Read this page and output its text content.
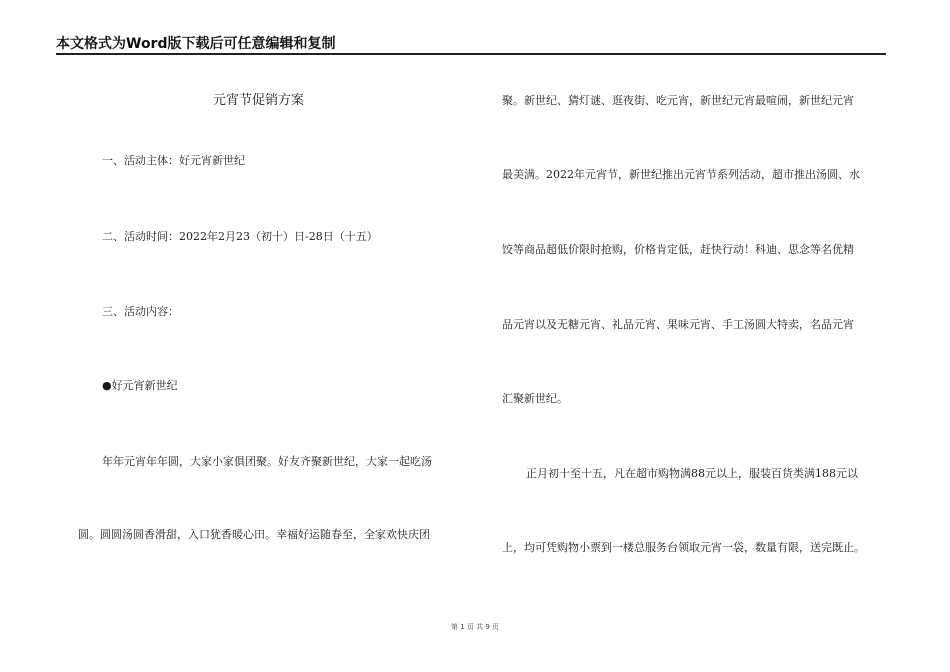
本文格式为Word版下载后可任意编辑和复制
元宵节促销方案
一、活动主体：好元宵新世纪
二、活动时间：2022年2月23（初十）日-28日（十五）
三、活动内容：
●好元宵新世纪
年年元宵年年圆，大家小家俱团聚。好友齐聚新世纪，大家一起吃汤
圆。圆圆汤圆香滑甜，入口犹香暖心田。幸福好运随春至，全家欢快庆团
聚。新世纪、猜灯谜、逛夜街、吃元宵，新世纪元宵最喧闹，新世纪元宵
最美满。2022年元宵节，新世纪推出元宵节系列活动，超市推出汤圆、水
饺等商品超低价限时抢购，价格肯定低，赶快行动！科迪、思念等名优精
品元宵以及无糖元宵、礼品元宵、果味元宵、手工汤圆大特卖，名品元宵
汇聚新世纪。
正月初十至十五，凡在超市购物满88元以上，服装百货类满188元以
上，均可凭购物小票到一楼总服务台领取元宵一袋，数量有限，送完既止。
第 1 页 共 9 页
